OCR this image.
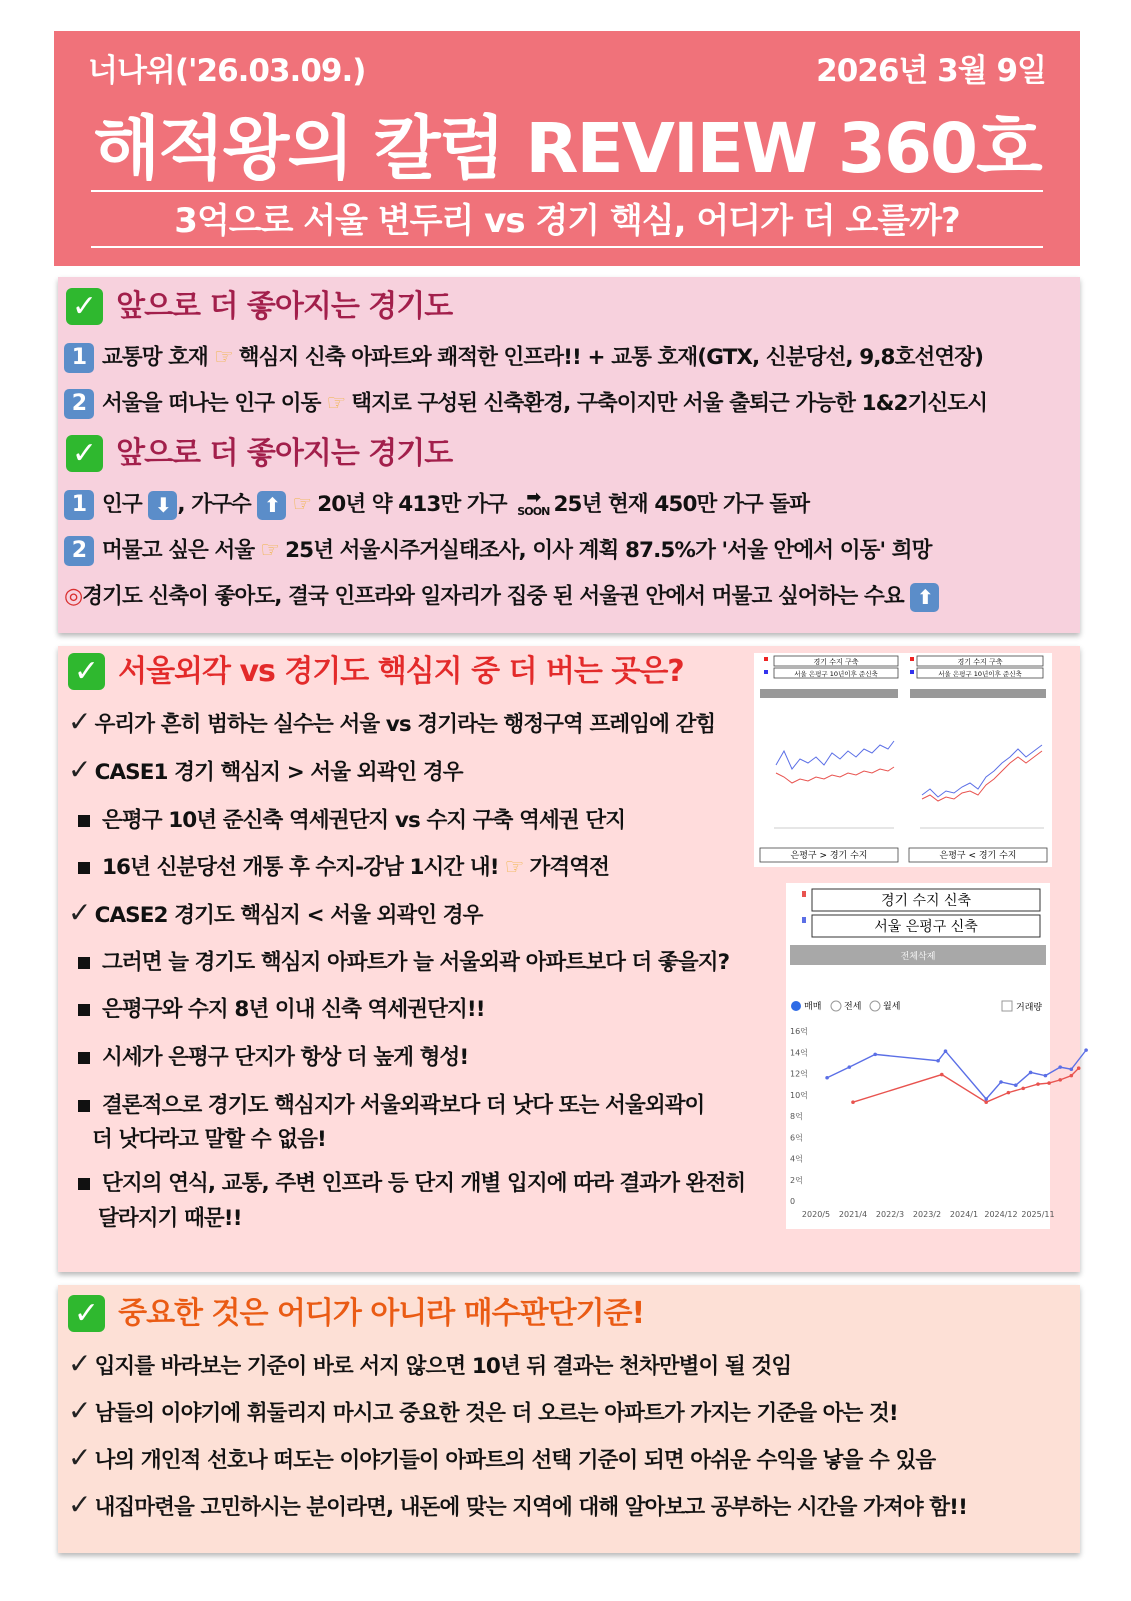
너나위('26.03.09.)	2026년 3월 9일
해적왕의 칼럼 REVIEW 360호
3억으로 서울 변두리 vs 경기 핵심, 어디가 더 오를까?
✓ 앞으로 더 좋아지는 경기도
1 교통망 호재 ☞ 핵심지 신축 아파트와 쾌적한 인프라!! + 교통 호재(GTX, 신분당선, 9,8호선연장)
2 서울을 떠나는 인구 이동 ☞ 택지로 구성된 신축환경, 구축이지만 서울 출퇴근 가능한 1&2기신도시
✓ 앞으로 더 좋아지는 경기도
1 인구 ⬇ , 가구수 ⬆ ☞ 20년 약 413만 가구 ➡
SOON 25년 현재 450만 가구 돌파
2 머물고 싶은 서울 ☞ 25년 서울시주거실태조사, 이사 계획 87.5%가 '서울 안에서 이동' 희망
◎경기도 신축이 좋아도, 결국 인프라와 일자리가 집중 된 서울권 안에서 머물고 싶어하는 수요 ⬆
✓ 서울외각 vs 경기도 핵심지 중 더 버는 곳은?
✓ 우리가 흔히 범하는 실수는 서울 vs 경기라는 행정구역 프레임에 갇힘
✓ CASE1 경기 핵심지 > 서울 외곽인 경우
은평구 10년 준신축 역세권단지 vs 수지 구축 역세권 단지
16년 신분당선 개통 후 수지-강남 1시간 내! ☞ 가격역전
✓ CASE2 경기도 핵심지 < 서울 외곽인 경우
그러면 늘 경기도 핵심지 아파트가 늘 서울외곽 아파트보다 더 좋을지?
은평구와 수지 8년 이내 신축 역세권단지!!
시세가 은평구 단지가 항상 더 높게 형성!
결론적으로 경기도 핵심지가 서울외곽보다 더 낫다 또는 서울외곽이
더 낫다라고 말할 수 없음!
단지의 연식, 교통, 주변 인프라 등 단지 개별 입지에 따라 결과가 완전히
달라지기 때문!!
경기 수지 구축
서울 은평구 10년이후 준신축
은평구 > 경기 수지
경기 수지 구축
서울 은평구 10년이후 준신축
은평구 < 경기 수지
경기 수지 신축
서울 은평구 신축
전체삭제
매매	전세 월세	거래량
0
2억
4억
6억
8억
10억
12억
14억
16억
2020/5 2021/4 2022/3 2023/2 2024/1 2024/12 2025/11
✓ 중요한 것은 어디가 아니라 매수판단기준!
✓ 입지를 바라보는 기준이 바로 서지 않으면 10년 뒤 결과는 천차만별이 될 것임
✓ 남들의 이야기에 휘둘리지 마시고 중요한 것은 더 오르는 아파트가 가지는 기준을 아는 것!
✓ 나의 개인적 선호나 떠도는 이야기들이 아파트의 선택 기준이 되면 아쉬운 수익을 낳을 수 있음
✓ 내집마련을 고민하시는 분이라면, 내돈에 맞는 지역에 대해 알아보고 공부하는 시간을 가져야 함!!
